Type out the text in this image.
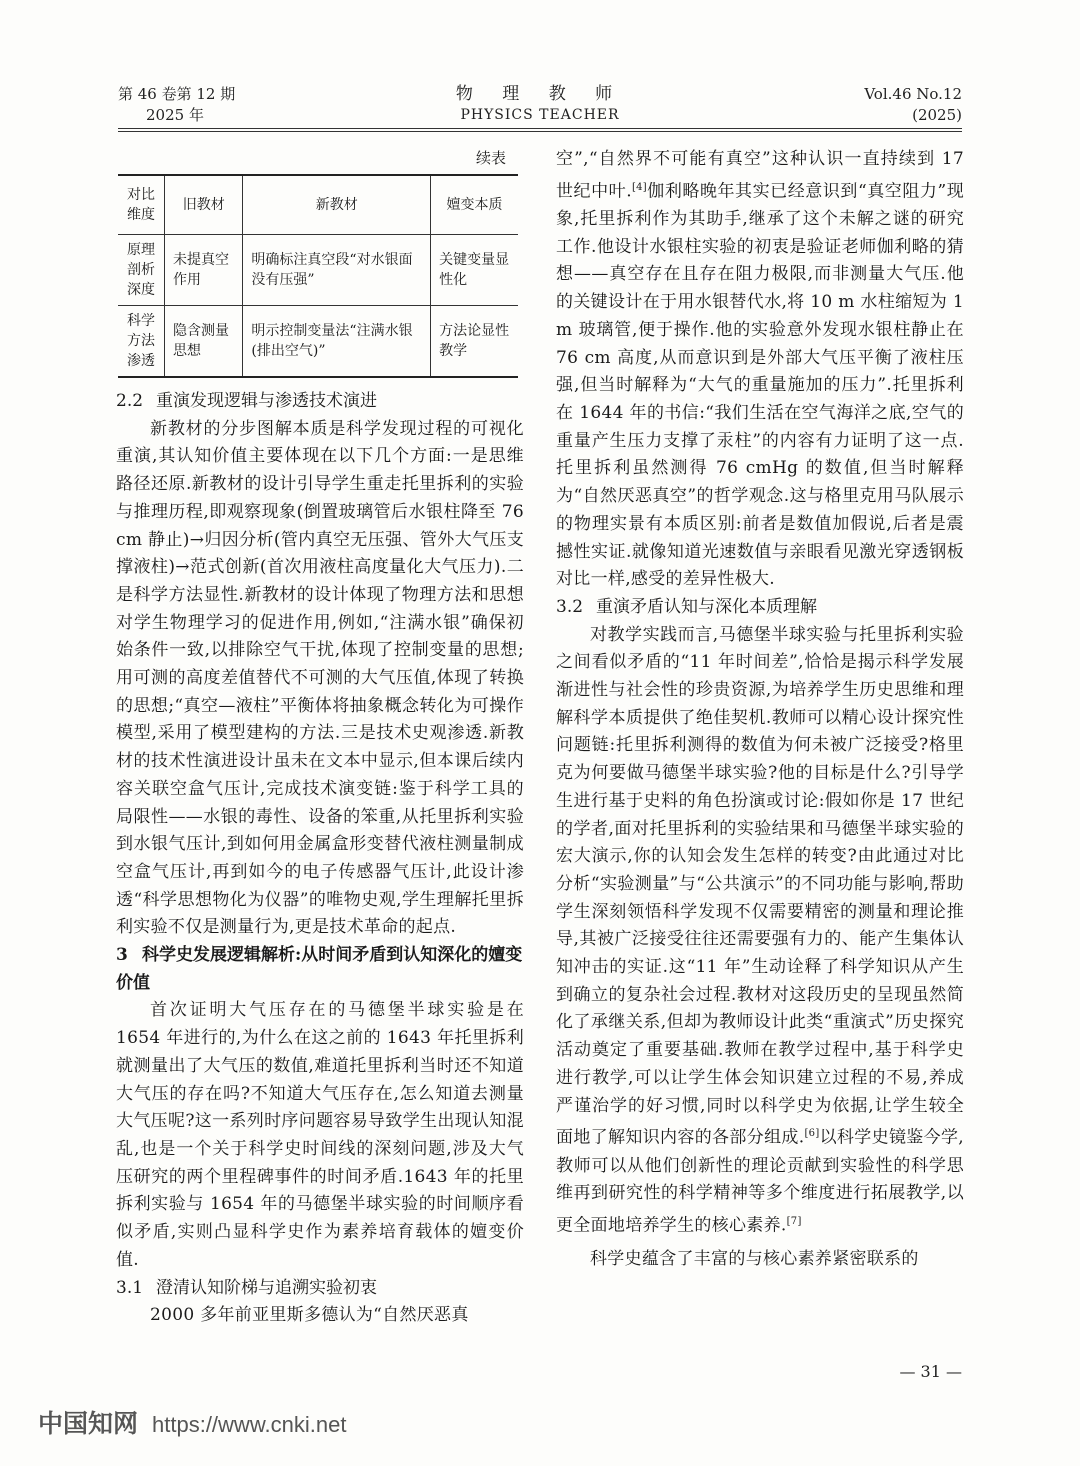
第 46 卷第 12 期
2025 年
物 理 教 师
PHYSICS TEACHER
Vol.46 No.12
(2025)
续表
对比维度	旧教材	新教材	嬗变本质
原理剖析深度	未提真空作用	明确标注真空段“对水银面没有压强”	关键变量显性化
科学方法渗透	隐含测量思想	明示控制变量法“注满水银(排出空气)”	方法论显性教学
2.2 重演发现逻辑与渗透技术演进

新教材的分步图解本质是科学发现过程的可视化重演,其认知价值主要体现在以下几个方面:一是思维路径还原.新教材的设计引导学生重走托里拆利的实验与推理历程,即观察现象(倒置玻璃管后水银柱降至 76 cm 静止)→归因分析(管内真空无压强、管外大气压支撑液柱)→范式创新(首次用液柱高度量化大气压力).二是科学方法显性.新教材的设计体现了物理方法和思想对学生物理学习的促进作用,例如,“注满水银”确保初始条件一致,以排除空气干扰,体现了控制变量的思想;用可测的高度差值替代不可测的大气压值,体现了转换的思想;“真空—液柱”平衡体将抽象概念转化为可操作模型,采用了模型建构的方法.三是技术史观渗透.新教材的技术性演进设计虽未在文本中显示,但本课后续内容关联空盒气压计,完成技术演变链:鉴于科学工具的局限性——水银的毒性、设备的笨重,从托里拆利实验到水银气压计,到如何用金属盒形变替代液柱测量制成空盒气压计,再到如今的电子传感器气压计,此设计渗透“科学思想物化为仪器”的唯物史观,学生理解托里拆利实验不仅是测量行为,更是技术革命的起点.

3 科学史发展逻辑解析:从时间矛盾到认知深化的嬗变价值

首次证明大气压存在的马德堡半球实验是在 1654 年进行的,为什么在这之前的 1643 年托里拆利就测量出了大气压的数值,难道托里拆利当时还不知道大气压的存在吗?不知道大气压存在,怎么知道去测量大气压呢?这一系列时序问题容易导致学生出现认知混乱,也是一个关于科学史时间线的深刻问题,涉及大气压研究的两个里程碑事件的时间矛盾.1643 年的托里拆利实验与 1654 年的马德堡半球实验的时间顺序看似矛盾,实则凸显科学史作为素养培育载体的嬗变价值.

3.1 澄清认知阶梯与追溯实验初衷

2000 多年前亚里斯多德认为“自然厌恶真

空”,“自然界不可能有真空”这种认识一直持续到 17 世纪中叶.[4]伽利略晚年其实已经意识到“真空阻力”现象,托里拆利作为其助手,继承了这个未解之谜的研究工作.他设计水银柱实验的初衷是验证老师伽利略的猜想——真空存在且存在阻力极限,而非测量大气压.他的关键设计在于用水银替代水,将 10 m 水柱缩短为 1 m 玻璃管,便于操作.他的实验意外发现水银柱静止在 76 cm 高度,从而意识到是外部大气压平衡了液柱压强,但当时解释为“大气的重量施加的压力”.托里拆利在 1644 年的书信:“我们生活在空气海洋之底,空气的重量产生压力支撑了汞柱”的内容有力证明了这一点.托里拆利虽然测得 76 cmHg 的数值,但当时解释为“自然厌恶真空”的哲学观念.这与格里克用马队展示的物理实景有本质区别:前者是数值加假说,后者是震撼性实证.就像知道光速数值与亲眼看见激光穿透钢板对比一样,感受的差异性极大.

3.2 重演矛盾认知与深化本质理解

对教学实践而言,马德堡半球实验与托里拆利实验之间看似矛盾的“11 年时间差”,恰恰是揭示科学发展渐进性与社会性的珍贵资源,为培养学生历史思维和理解科学本质提供了绝佳契机.教师可以精心设计探究性问题链:托里拆利测得的数值为何未被广泛接受?格里克为何要做马德堡半球实验?他的目标是什么?引导学生进行基于史料的角色扮演或讨论:假如你是 17 世纪的学者,面对托里拆利的实验结果和马德堡半球实验的宏大演示,你的认知会发生怎样的转变?由此通过对比分析“实验测量”与“公共演示”的不同功能与影响,帮助学生深刻领悟科学发现不仅需要精密的测量和理论推导,其被广泛接受往往还需要强有力的、能产生集体认知冲击的实证.这“11 年”生动诠释了科学知识从产生到确立的复杂社会过程.教材对这段历史的呈现虽然简化了承继关系,但却为教师设计此类“重演式”历史探究活动奠定了重要基础.教师在教学过程中,基于科学史进行教学,可以让学生体会知识建立过程的不易,养成严谨治学的好习惯,同时以科学史为依据,让学生较全面地了解知识内容的各部分组成.[6]以科学史镜鉴今学,教师可以从他们创新性的理论贡献到实验性的科学思维再到研究性的科学精神等多个维度进行拓展教学,以更全面地培养学生的核心素养.[7]

科学史蕴含了丰富的与核心素养紧密联系的

— 31 —
中国知网 https://www.cnki.net
